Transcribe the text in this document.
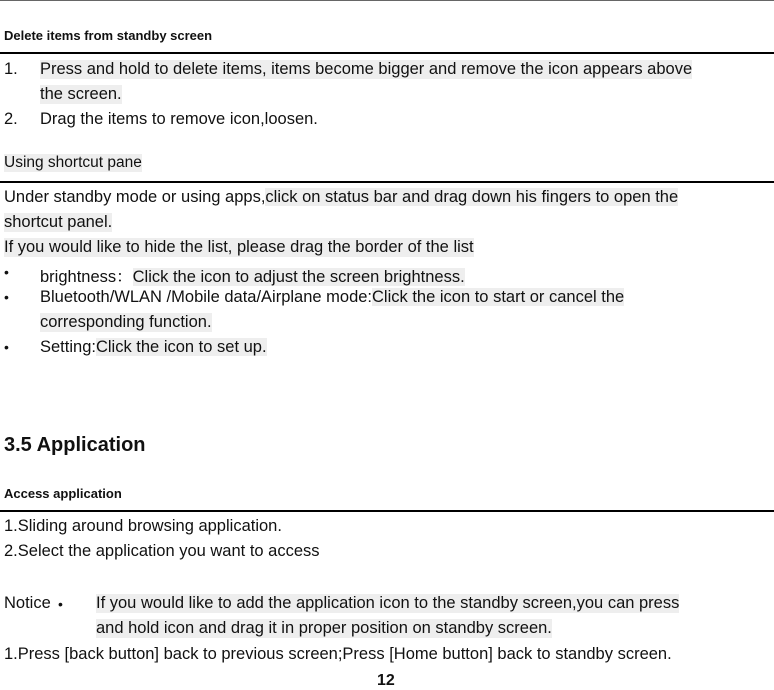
Delete items from standby screen
1. Press and hold to delete items, items become bigger and remove the icon appears above
the screen.
2. Drag the items to remove icon,loosen.
Using shortcut pane
Under standby mode or using apps,click on status bar and drag down his fingers to open the
shortcut panel.
If you would like to hide the list, please drag the border of the list
• brightness：Click the icon to adjust the screen brightness.
• Bluetooth/WLAN /Mobile data/Airplane mode:Click the icon to start or cancel the
corresponding function.
• Setting:Click the icon to set up.
3.5 Application
Access application
1.Sliding around browsing application.
2.Select the application you want to access
Notice • If you would like to add the application icon to the standby screen,you can press
and hold icon and drag it in proper position on standby screen.
1.Press [back button] back to previous screen;Press [Home button] back to standby screen.
12
